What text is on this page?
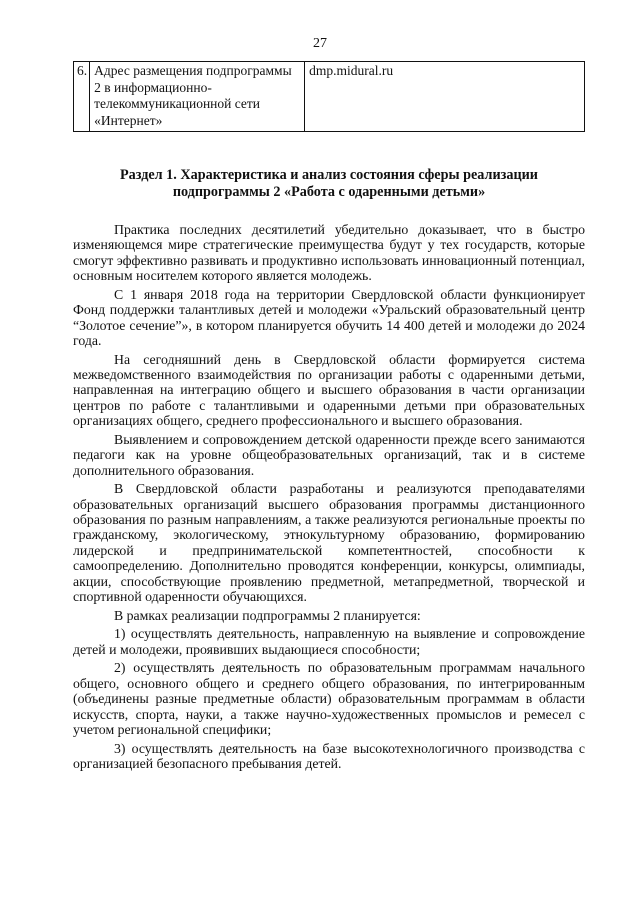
27
6.	Адрес размещения подпрограммы 2 в информационно-телекоммуникационной сети «Интернет»	dmp.midural.ru
Раздел 1. Характеристика и анализ состояния сферы реализации
подпрограммы 2 «Работа с одаренными детьми»

Практика последних десятилетий убедительно доказывает, что в быстро изменяющемся мире стратегические преимущества будут у тех государств, которые смогут эффективно развивать и продуктивно использовать инновационный потенциал, основным носителем которого является молодежь.

С 1 января 2018 года на территории Свердловской области функционирует Фонд поддержки талантливых детей и молодежи «Уральский образовательный центр “Золотое сечение”», в котором планируется обучить 14 400 детей и молодежи до 2024 года.

На сегодняшний день в Свердловской области формируется система межведомственного взаимодействия по организации работы с одаренными детьми, направленная на интеграцию общего и высшего образования в части организации центров по работе с талантливыми и одаренными детьми при образовательных организациях общего, среднего профессионального и высшего образования.

Выявлением и сопровождением детской одаренности прежде всего занимаются педагоги как на уровне общеобразовательных организаций, так и в системе дополнительного образования.

В Свердловской области разработаны и реализуются преподавателями образовательных организаций высшего образования программы дистанционного образования по разным направлениям, а также реализуются региональные проекты по гражданскому, экологическому, этнокультурному образованию, формированию лидерской и предпринимательской компетентностей, способности к самоопределению. Дополнительно проводятся конференции, конкурсы, олимпиады, акции, способствующие проявлению предметной, метапредметной, творческой и спортивной одаренности обучающихся.

В рамках реализации подпрограммы 2 планируется:

1) осуществлять деятельность, направленную на выявление и сопровождение детей и молодежи, проявивших выдающиеся способности;

2) осуществлять деятельность по образовательным программам начального общего, основного общего и среднего общего образования, по интегрированным (объединены разные предметные области) образовательным программам в области искусств, спорта, науки, а также научно-художественных промыслов и ремесел с учетом региональной специфики;

3) осуществлять деятельность на базе высокотехнологичного производства с организацией безопасного пребывания детей.
